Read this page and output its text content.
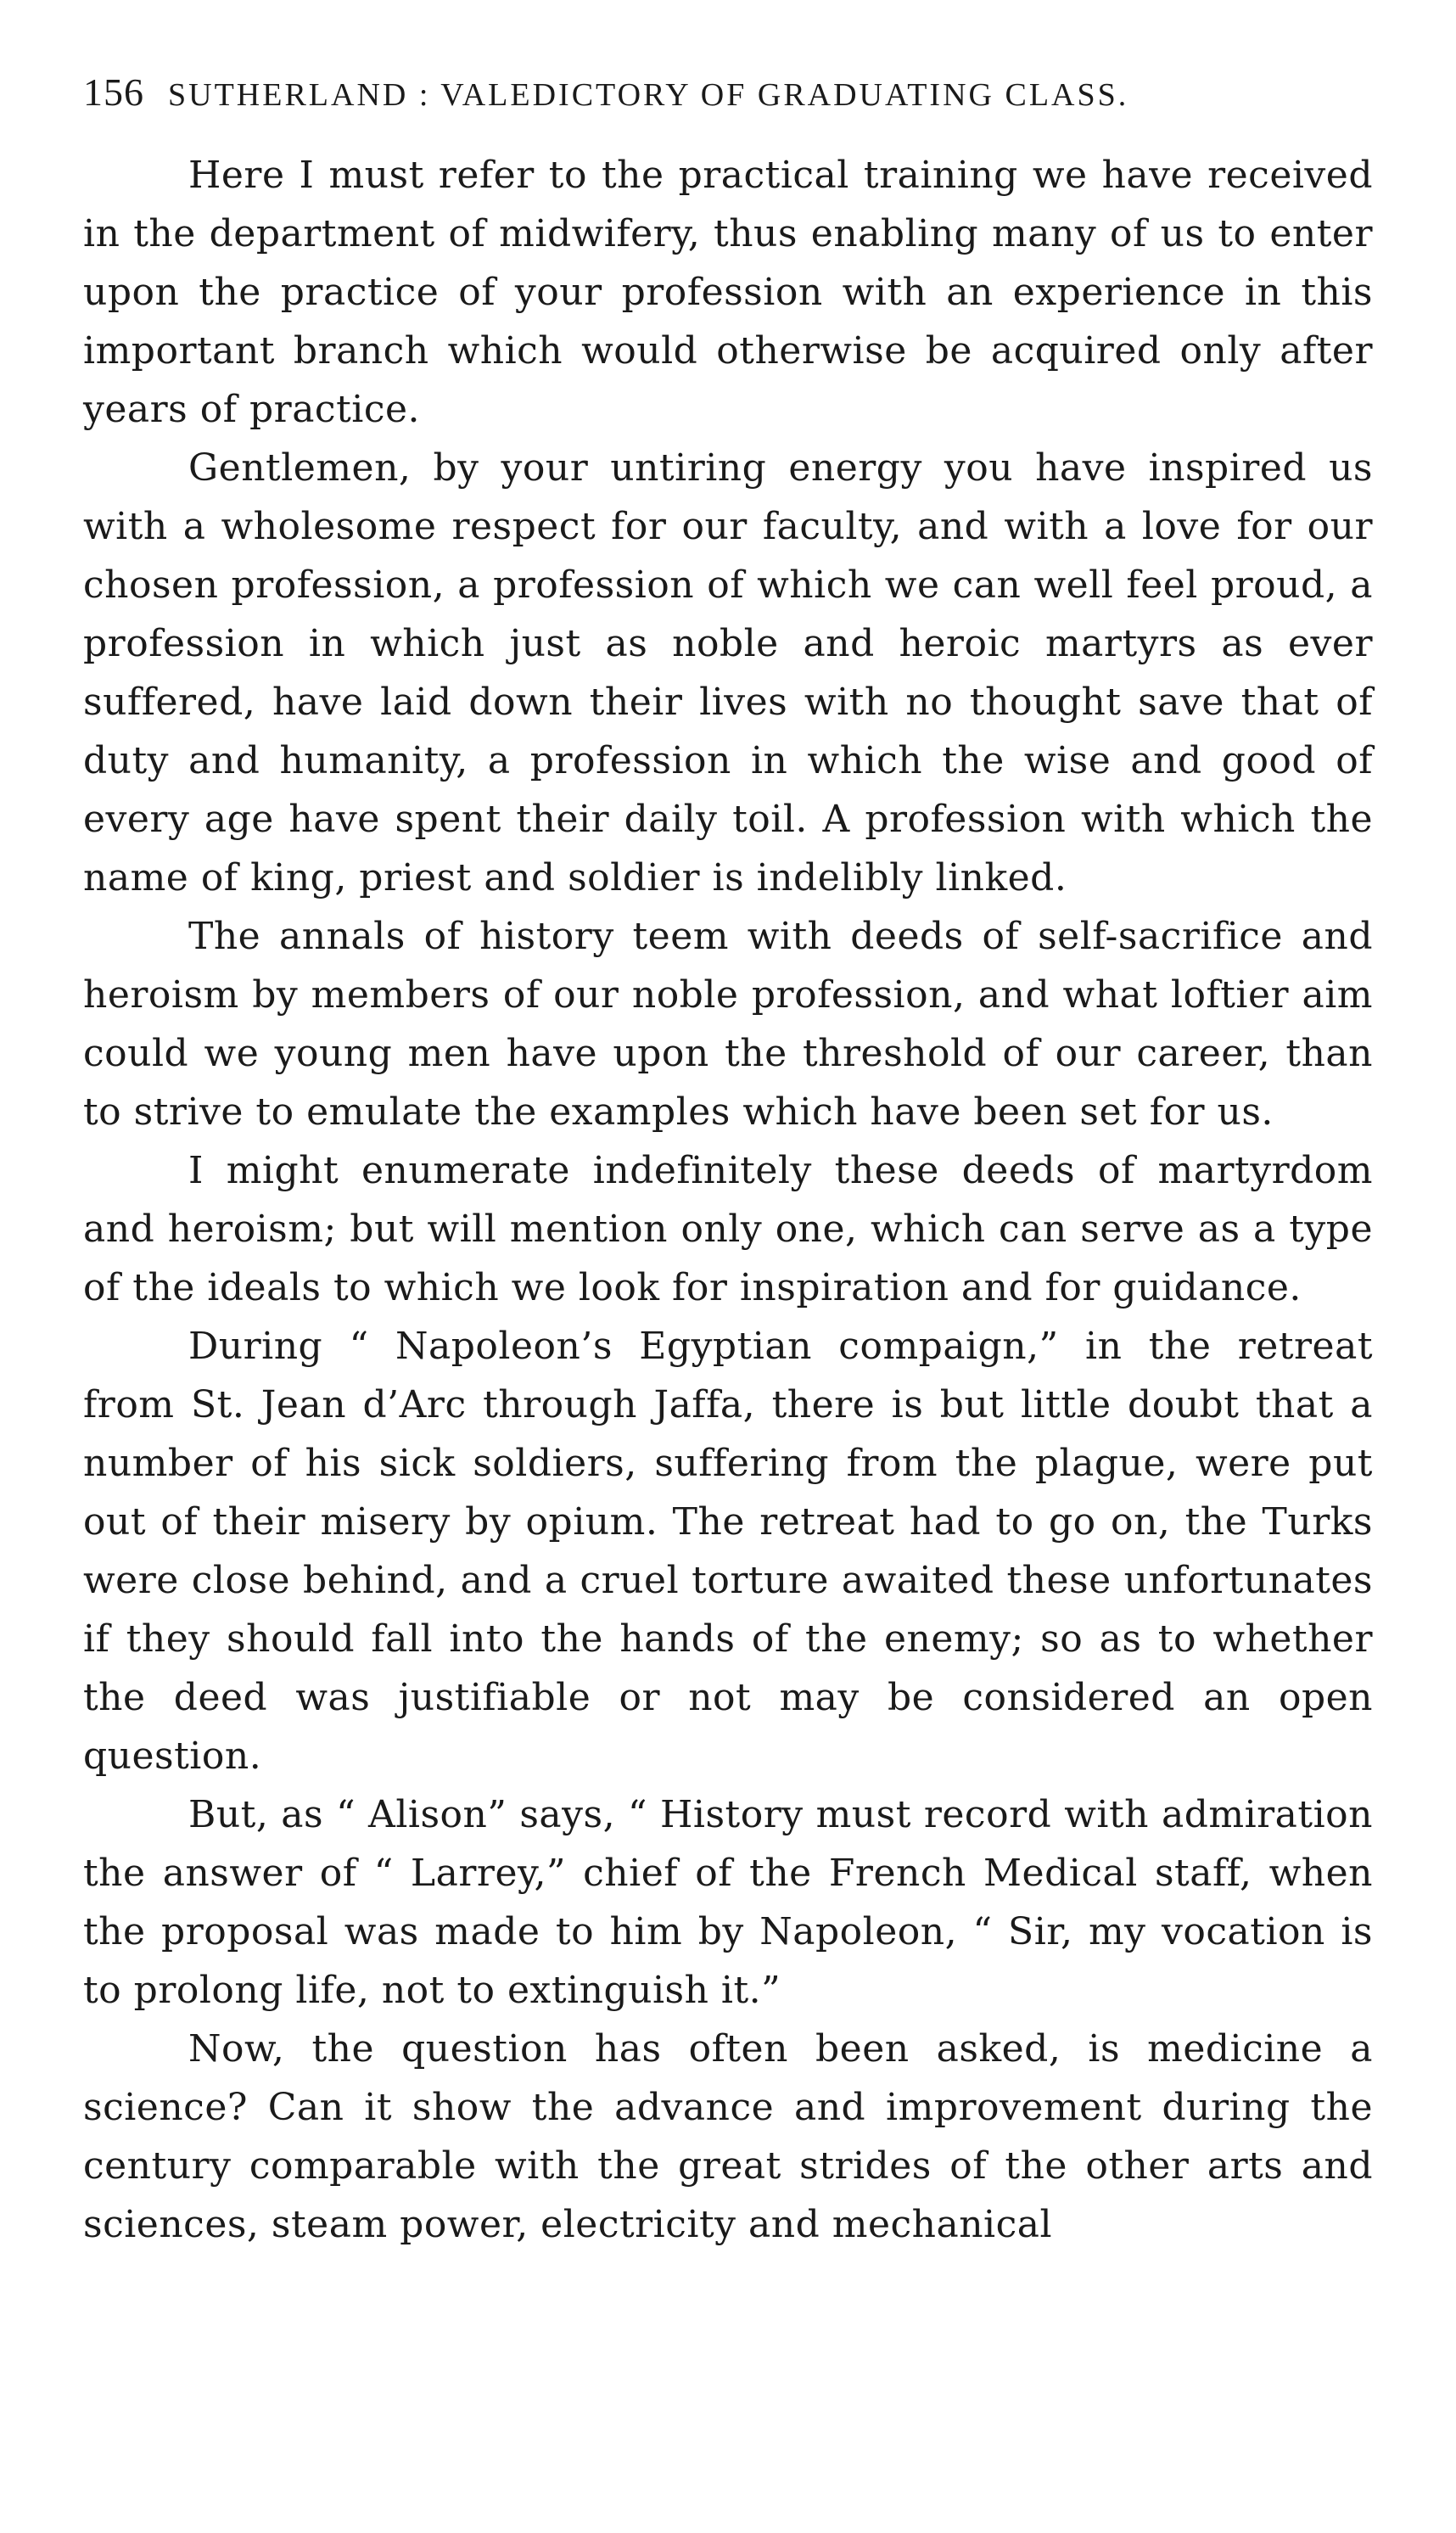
156 SUTHERLAND : VALEDICTORY OF GRADUATING CLASS.

Here I must refer to the practical training we have received in the department of midwifery, thus enabling many of us to enter upon the practice of your profession with an experience in this important branch which would otherwise be acquired only after years of practice.

Gentlemen, by your untiring energy you have inspired us with a wholesome respect for our faculty, and with a love for our chosen profession, a profession of which we can well feel proud, a profession in which just as noble and heroic martyrs as ever suffered, have laid down their lives with no thought save that of duty and humanity, a profession in which the wise and good of every age have spent their daily toil. A profession with which the name of king, priest and soldier is indelibly linked.

The annals of history teem with deeds of self-sacrifice and heroism by members of our noble profession, and what loftier aim could we young men have upon the threshold of our career, than to strive to emulate the examples which have been set for us.

I might enumerate indefinitely these deeds of martyrdom and heroism; but will mention only one, which can serve as a type of the ideals to which we look for inspiration and for guidance.

During “ Napoleon’s Egyptian compaign,” in the retreat from St. Jean d’Arc through Jaffa, there is but little doubt that a number of his sick soldiers, suffering from the plague, were put out of their misery by opium. The retreat had to go on, the Turks were close behind, and a cruel torture awaited these unfortunates if they should fall into the hands of the enemy; so as to whether the deed was justifiable or not may be considered an open question.

But, as “ Alison” says, “ History must record with admiration the answer of “ Larrey,” chief of the French Medical staff, when the proposal was made to him by Napoleon, “ Sir, my vocation is to prolong life, not to extinguish it.”

Now, the question has often been asked, is medicine a science? Can it show the advance and improvement during the century comparable with the great strides of the other arts and sciences, steam power, electricity and mechanical
